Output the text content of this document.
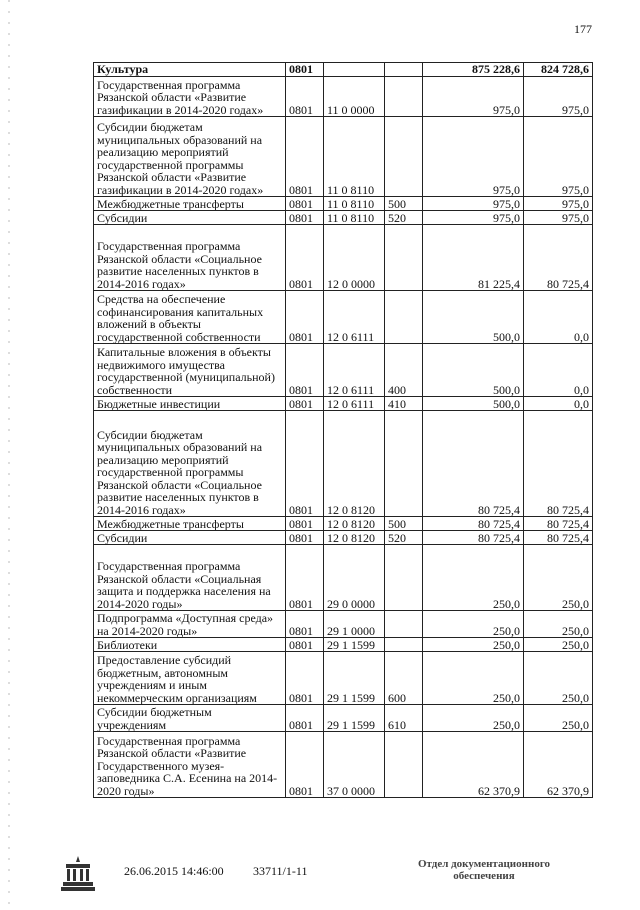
177
Культура	0801			875 228,6	824 728,6
Государственная программа Рязанской области «Развитие газификации в 2014-2020 годах»	0801	11 0 0000		975,0	975,0
Субсидии бюджетам муниципальных образований на реализацию мероприятий государственной программы Рязанской области «Развитие газификации в 2014-2020 годах»	0801	11 0 8110		975,0	975,0
Межбюджетные трансферты	0801	11 0 8110	500	975,0	975,0
Субсидии	0801	11 0 8110	520	975,0	975,0
Государственная программа Рязанской области «Социальное развитие населенных пунктов в 2014-2016 годах»	0801	12 0 0000		81 225,4	80 725,4
Средства на обеспечение софинансирования капитальных вложений в объекты государственной собственности	0801	12 0 6111		500,0	0,0
Капитальные вложения в объекты недвижимого имущества государственной (муниципальной) собственности	0801	12 0 6111	400	500,0	0,0
Бюджетные инвестиции	0801	12 0 6111	410	500,0	0,0
Субсидии бюджетам муниципальных образований на реализацию мероприятий государственной программы Рязанской области «Социальное развитие населенных пунктов в 2014-2016 годах»	0801	12 0 8120		80 725,4	80 725,4
Межбюджетные трансферты	0801	12 0 8120	500	80 725,4	80 725,4
Субсидии	0801	12 0 8120	520	80 725,4	80 725,4
Государственная программа Рязанской области «Социальная защита и поддержка населения на 2014-2020 годы»	0801	29 0 0000		250,0	250,0
Подпрограмма «Доступная среда» на 2014-2020 годы»	0801	29 1 0000		250,0	250,0
Библиотеки	0801	29 1 1599		250,0	250,0
Предоставление субсидий бюджетным, автономным учреждениям и иным некоммерческим организациям	0801	29 1 1599	600	250,0	250,0
Субсидии бюджетным учреждениям	0801	29 1 1599	610	250,0	250,0
Государственная программа Рязанской области «Развитие Государственного музея-заповедника С.А. Есенина на 2014-2020 годы»	0801	37 0 0000		62 370,9	62 370,9
26.06.2015 14:46:00 33711/1-11	Отдел документационного обеспечения
